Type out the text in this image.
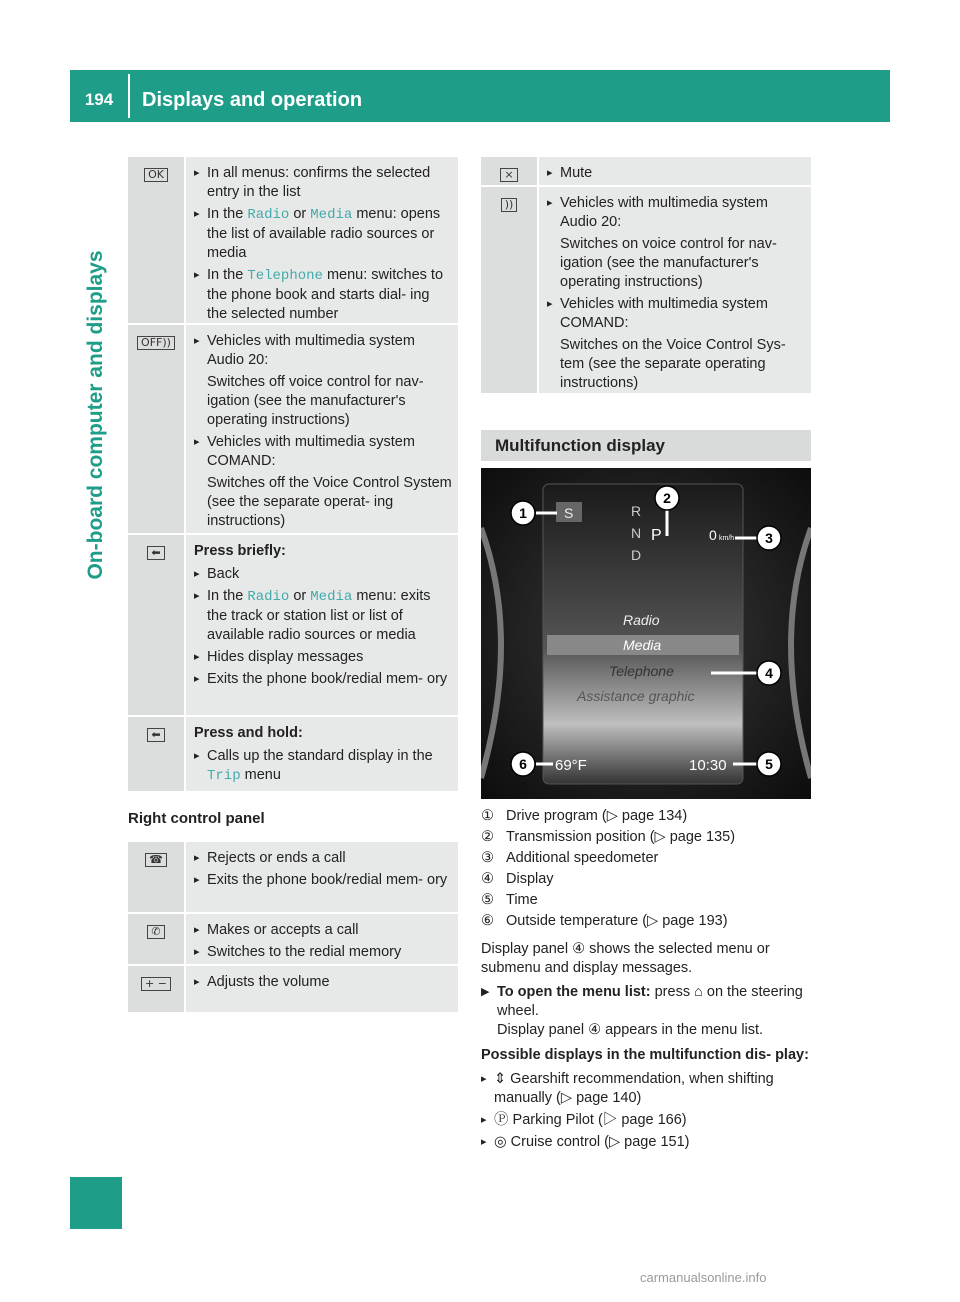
194	Displays and operation
On-board computer and displays
OK	▸ In all menus: confirms the selected entry in the list
▸ In the Radio or Media menu: opens the list of available radio sources or media
▸ In the Telephone menu: switches to the phone book and starts dial- ing the selected number
OFF))	▸ Vehicles with multimedia system Audio 20:
Switches off voice control for nav- igation (see the manufacturer's operating instructions)
▸ Vehicles with multimedia system COMAND:
Switches off the Voice Control System (see the separate operat- ing instructions)
⬅	Press briefly:
▸ Back
▸ In the Radio or Media menu: exits the track or station list or list of available radio sources or media
▸ Hides display messages
▸ Exits the phone book/redial mem- ory
⬅	Press and hold:
▸ Calls up the standard display in the Trip menu
Right control panel
☎	▸ Rejects or ends a call
▸ Exits the phone book/redial mem- ory
✆	▸ Makes or accepts a call
▸ Switches to the redial memory
+ −	▸ Adjusts the volume
×	▸ Mute
))	▸ Vehicles with multimedia system Audio 20:
Switches on voice control for nav- igation (see the manufacturer's operating instructions)
▸ Vehicles with multimedia system COMAND:
Switches on the Voice Control Sys- tem (see the separate operating instructions)
Multifunction display
S	R
N P
D
0 km/h
Radio
Media
Telephone
Assistance graphic
69°F	10:30
1
2
3
4
5
6
① Drive program (▷ page 134)
② Transmission position (▷ page 135)
③ Additional speedometer
④ Display
⑤ Time
⑥ Outside temperature (▷ page 193)

Display panel ④ shows the selected menu or submenu and display messages.

▶ To open the menu list: press ⌂ on the steering wheel.
Display panel ④ appears in the menu list.

Possible displays in the multifunction dis- play:

▸ ⇕ Gearshift recommendation, when shifting manually (▷ page 140)
▸ Ⓟ Parking Pilot (▷ page 166)
▸ ◎ Cruise control (▷ page 151)
carmanualsonline.info
